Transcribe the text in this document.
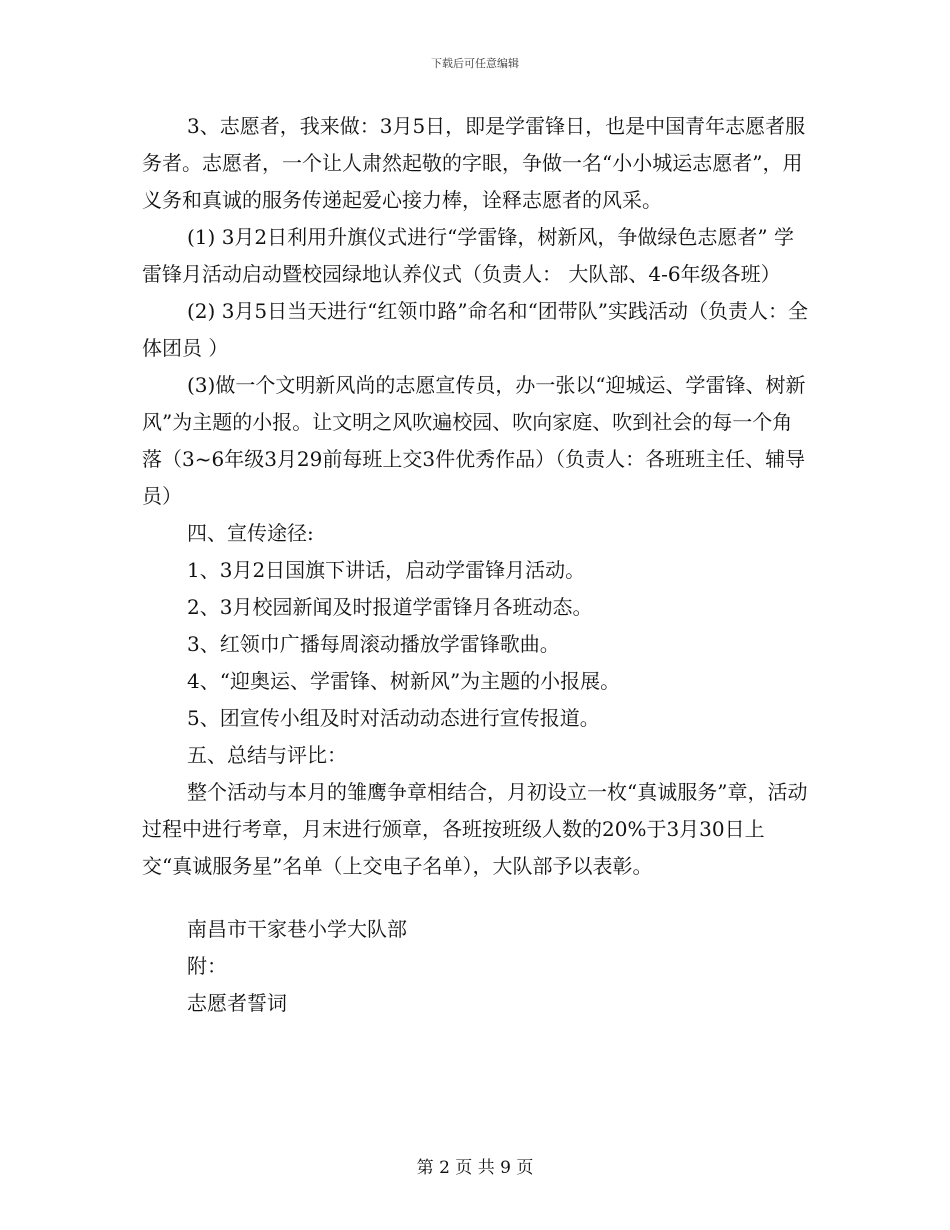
下载后可任意编辑

3、志愿者，我来做：3月5日，即是学雷锋日，也是中国青年志愿者服务者。志愿者，一个让人肃然起敬的字眼，争做一名“小小城运志愿者”，用义务和真诚的服务传递起爱心接力棒，诠释志愿者的风采。

(1) 3月2日利用升旗仪式进行“学雷锋，树新风，争做绿色志愿者” 学雷锋月活动启动暨校园绿地认养仪式（负责人： 大队部、4-6年级各班）

(2) 3月5日当天进行“红领巾路”命名和“团带队”实践活动（负责人：全体团员 ）

(3)做一个文明新风尚的志愿宣传员，办一张以“迎城运、学雷锋、树新风”为主题的小报。让文明之风吹遍校园、吹向家庭、吹到社会的每一个角落（3~6年级3月29前每班上交3件优秀作品）（负责人：各班班主任、辅导员）

四、宣传途径:

1、3月2日国旗下讲话，启动学雷锋月活动。

2、3月校园新闻及时报道学雷锋月各班动态。

3、红领巾广播每周滚动播放学雷锋歌曲。

4、“迎奥运、学雷锋、树新风”为主题的小报展。

5、团宣传小组及时对活动动态进行宣传报道。

五、总结与评比：

整个活动与本月的雏鹰争章相结合，月初设立一枚“真诚服务”章，活动过程中进行考章，月末进行颁章，各班按班级人数的20%于3月30日上交“真诚服务星”名单（上交电子名单），大队部予以表彰。

南昌市干家巷小学大队部

附：

志愿者誓词

第 2 页 共 9 页
